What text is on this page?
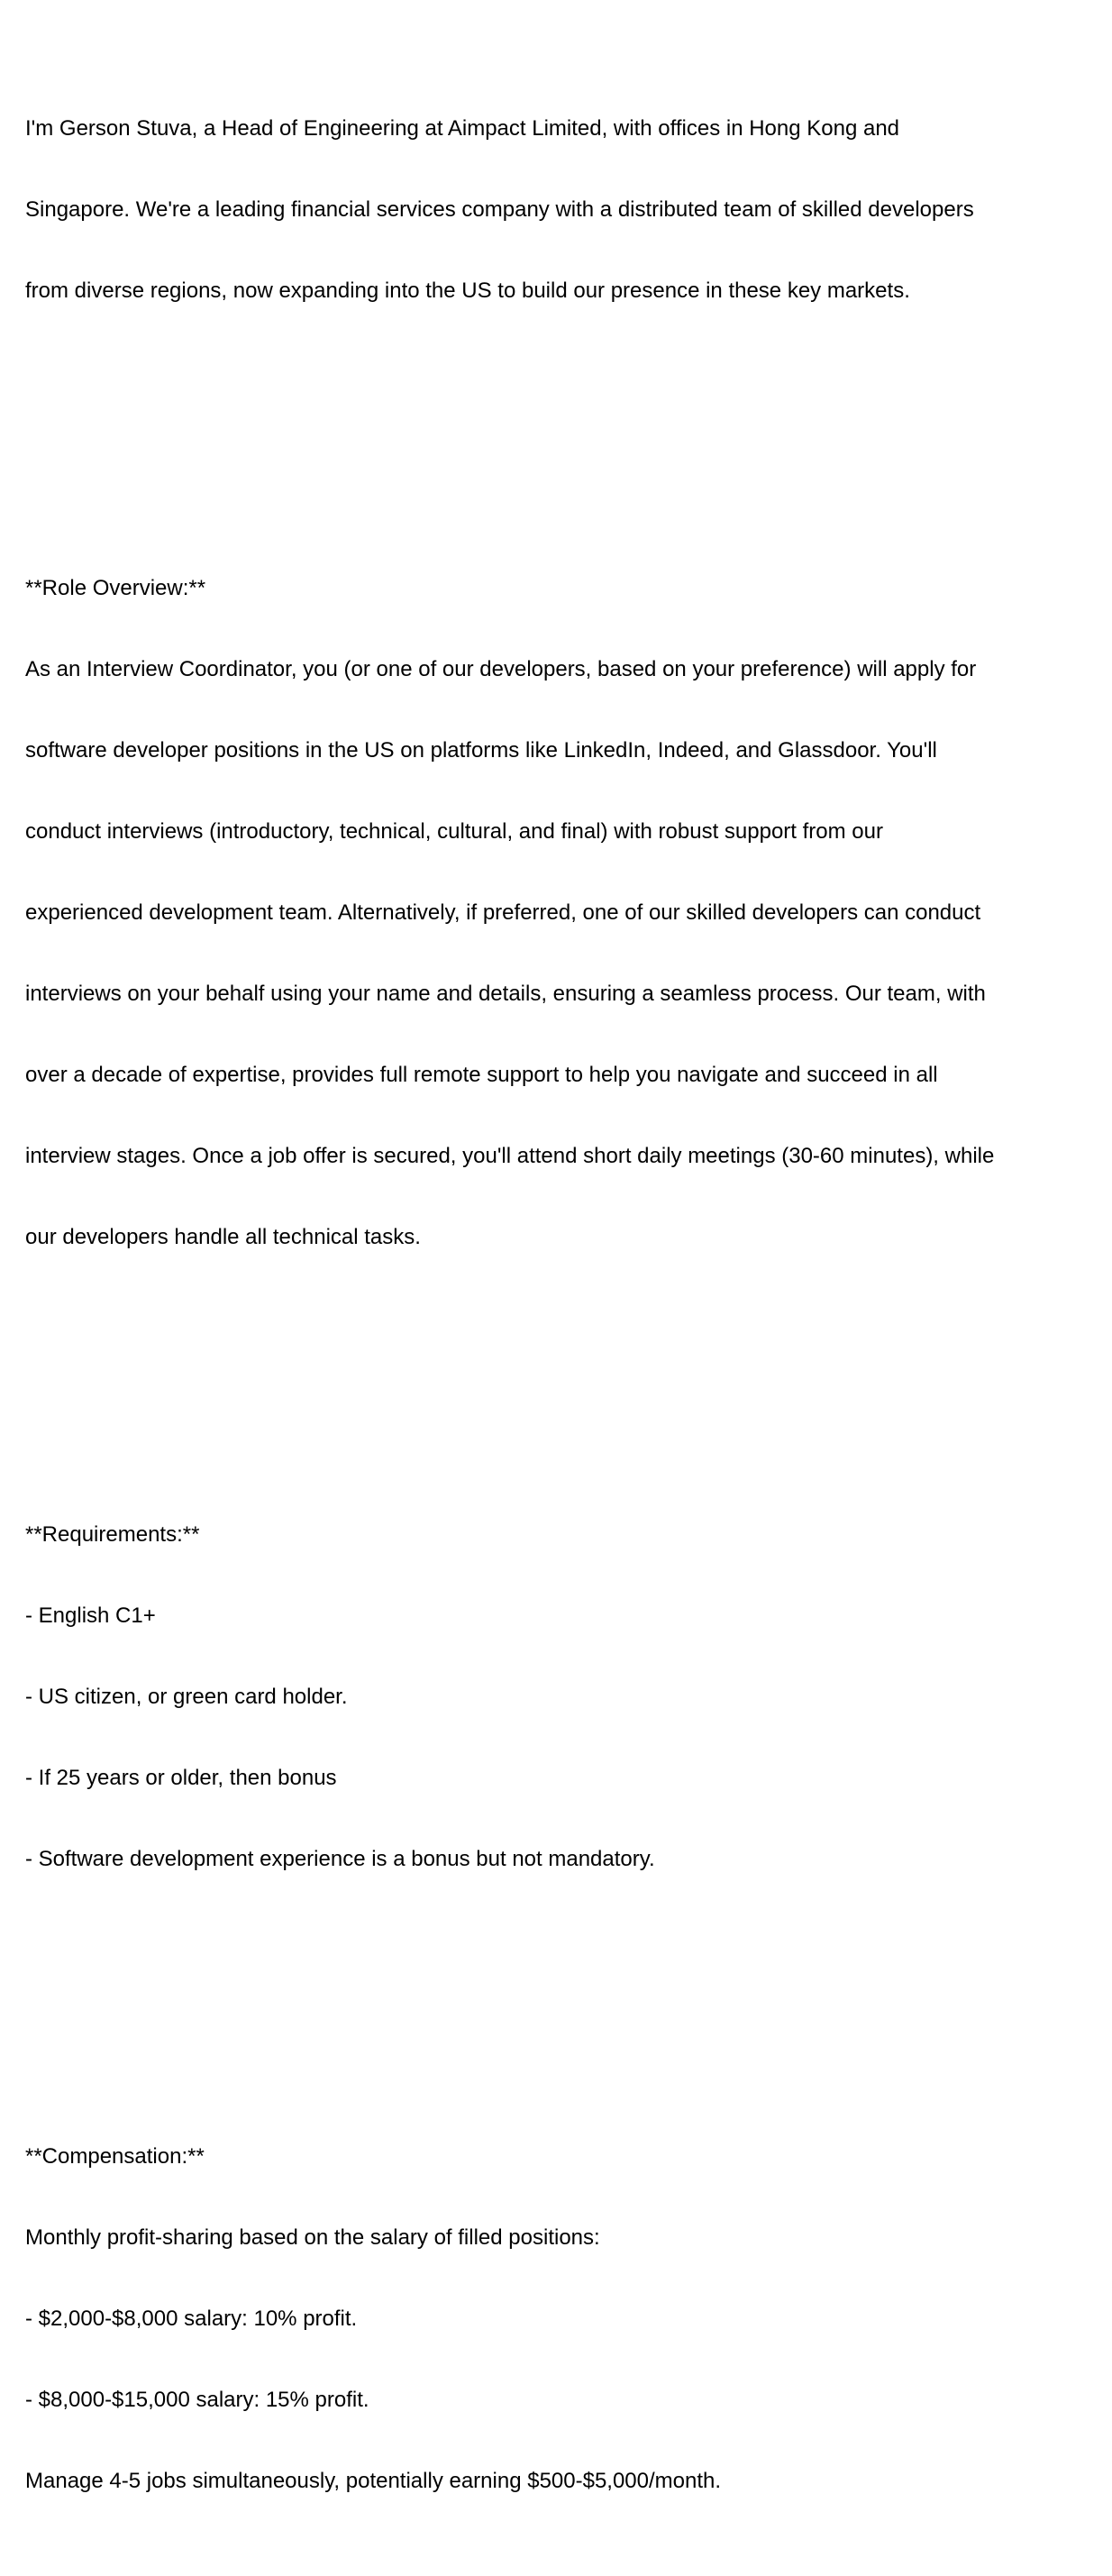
I'm Gerson Stuva, a Head of Engineering at Aimpact Limited, with offices in Hong Kong and

Singapore. We're a leading financial services company with a distributed team of skilled developers

from diverse regions, now expanding into the US to build our presence in these key markets.

**Role Overview:**

As an Interview Coordinator, you (or one of our developers, based on your preference) will apply for

software developer positions in the US on platforms like LinkedIn, Indeed, and Glassdoor. You'll

conduct interviews (introductory, technical, cultural, and final) with robust support from our

experienced development team. Alternatively, if preferred, one of our skilled developers can conduct

interviews on your behalf using your name and details, ensuring a seamless process. Our team, with

over a decade of expertise, provides full remote support to help you navigate and succeed in all

interview stages. Once a job offer is secured, you'll attend short daily meetings (30-60 minutes), while

our developers handle all technical tasks.

**Requirements:**

- English C1+

- US citizen, or green card holder.

- If 25 years or older, then bonus

- Software development experience is a bonus but not mandatory.

**Compensation:**

Monthly profit-sharing based on the salary of filled positions:

- $2,000-$8,000 salary: 10% profit.

- $8,000-$15,000 salary: 15% profit.

Manage 4-5 jobs simultaneously, potentially earning $500-$5,000/month.
